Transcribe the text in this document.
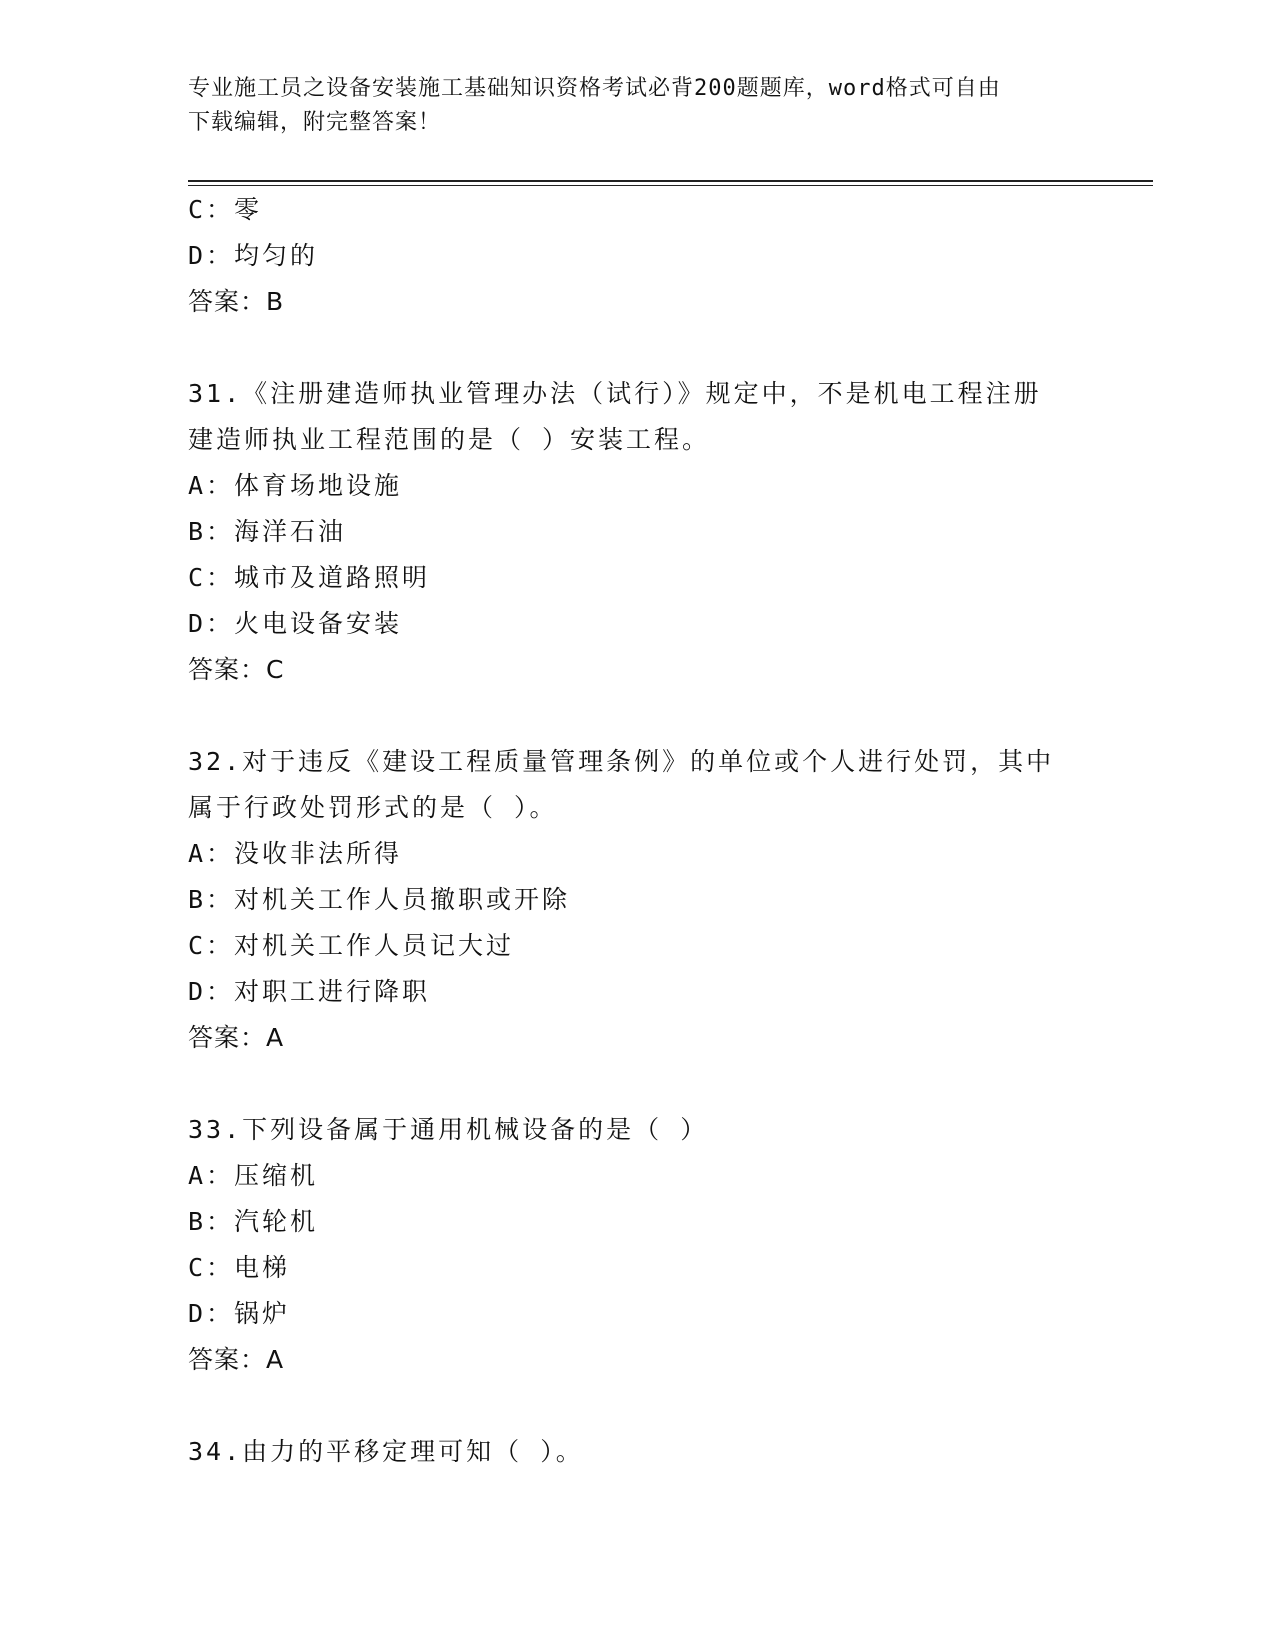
专业施工员之设备安装施工基础知识资格考试必背200题题库，word格式可自由
下载编辑，附完整答案！
C：零
D：均匀的
答案：B
31.《注册建造师执业管理办法（试行）》规定中，不是机电工程注册
建造师执业工程范围的是（ ）安装工程。
A：体育场地设施
B：海洋石油
C：城市及道路照明
D：火电设备安装
答案：C
32.对于违反《建设工程质量管理条例》的单位或个人进行处罚，其中
属于行政处罚形式的是（ ）。
A：没收非法所得
B：对机关工作人员撤职或开除
C：对机关工作人员记大过
D：对职工进行降职
答案：A
33.下列设备属于通用机械设备的是（ ）
A：压缩机
B：汽轮机
C：电梯
D：锅炉
答案：A
34.由力的平移定理可知（ ）。
